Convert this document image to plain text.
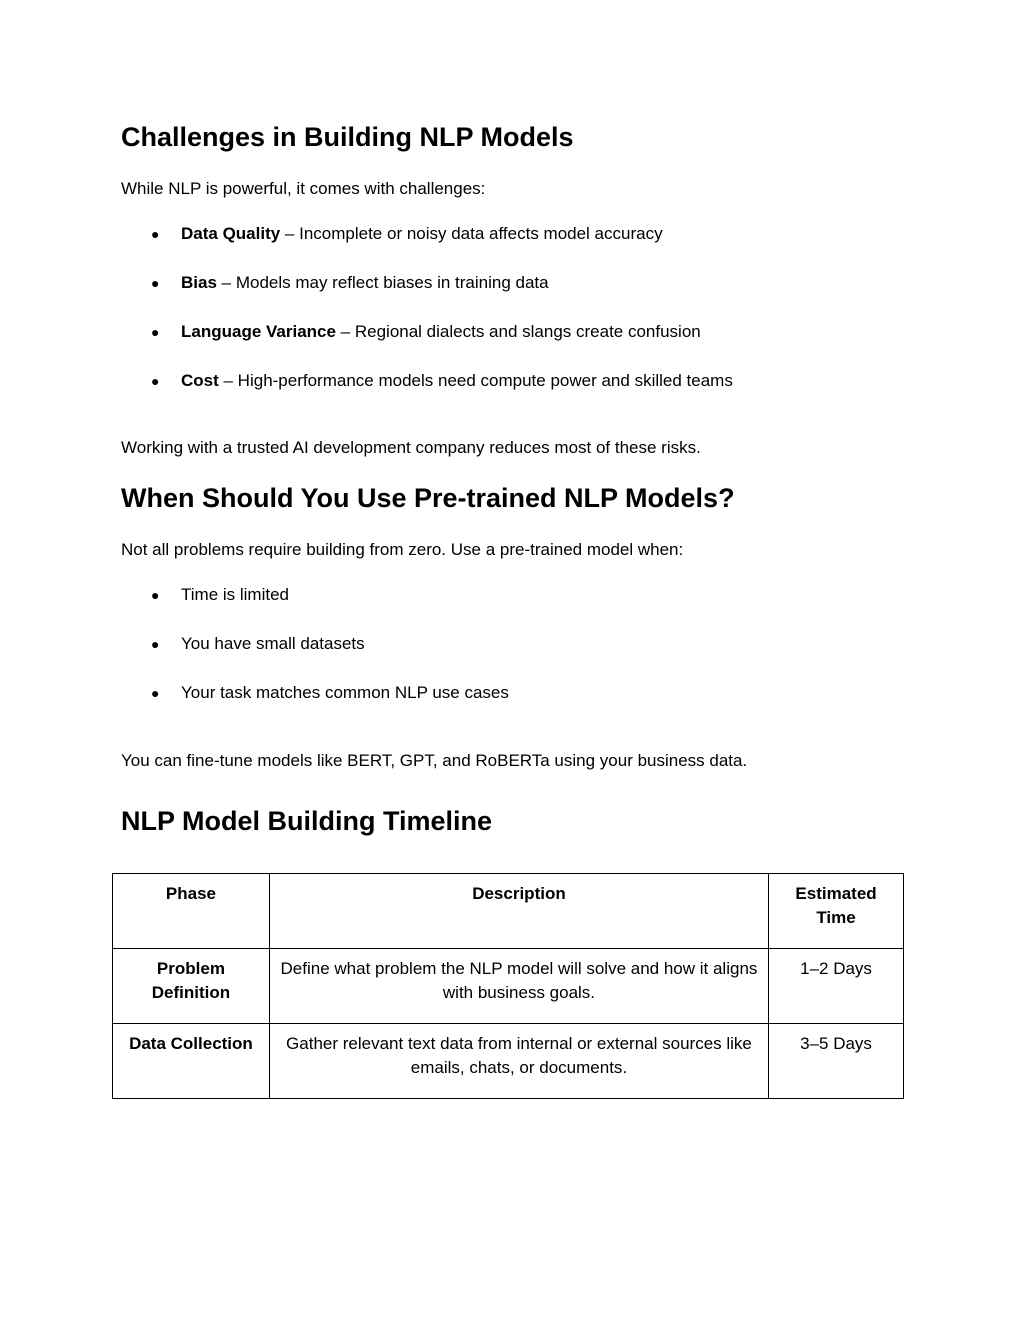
Challenges in Building NLP Models

While NLP is powerful, it comes with challenges:

● Data Quality – Incomplete or noisy data affects model accuracy
● Bias – Models may reflect biases in training data
● Language Variance – Regional dialects and slangs create confusion
● Cost – High-performance models need compute power and skilled teams

Working with a trusted AI development company reduces most of these risks.

When Should You Use Pre-trained NLP Models?

Not all problems require building from zero. Use a pre-trained model when:

● Time is limited
● You have small datasets
● Your task matches common NLP use cases

You can fine-tune models like BERT, GPT, and RoBERTa using your business data.

NLP Model Building Timeline
Phase	Description	Estimated Time
Problem Definition	Define what problem the NLP model will solve and how it aligns with business goals.	1–2 Days
Data Collection	Gather relevant text data from internal or external sources like emails, chats, or documents.	3–5 Days
